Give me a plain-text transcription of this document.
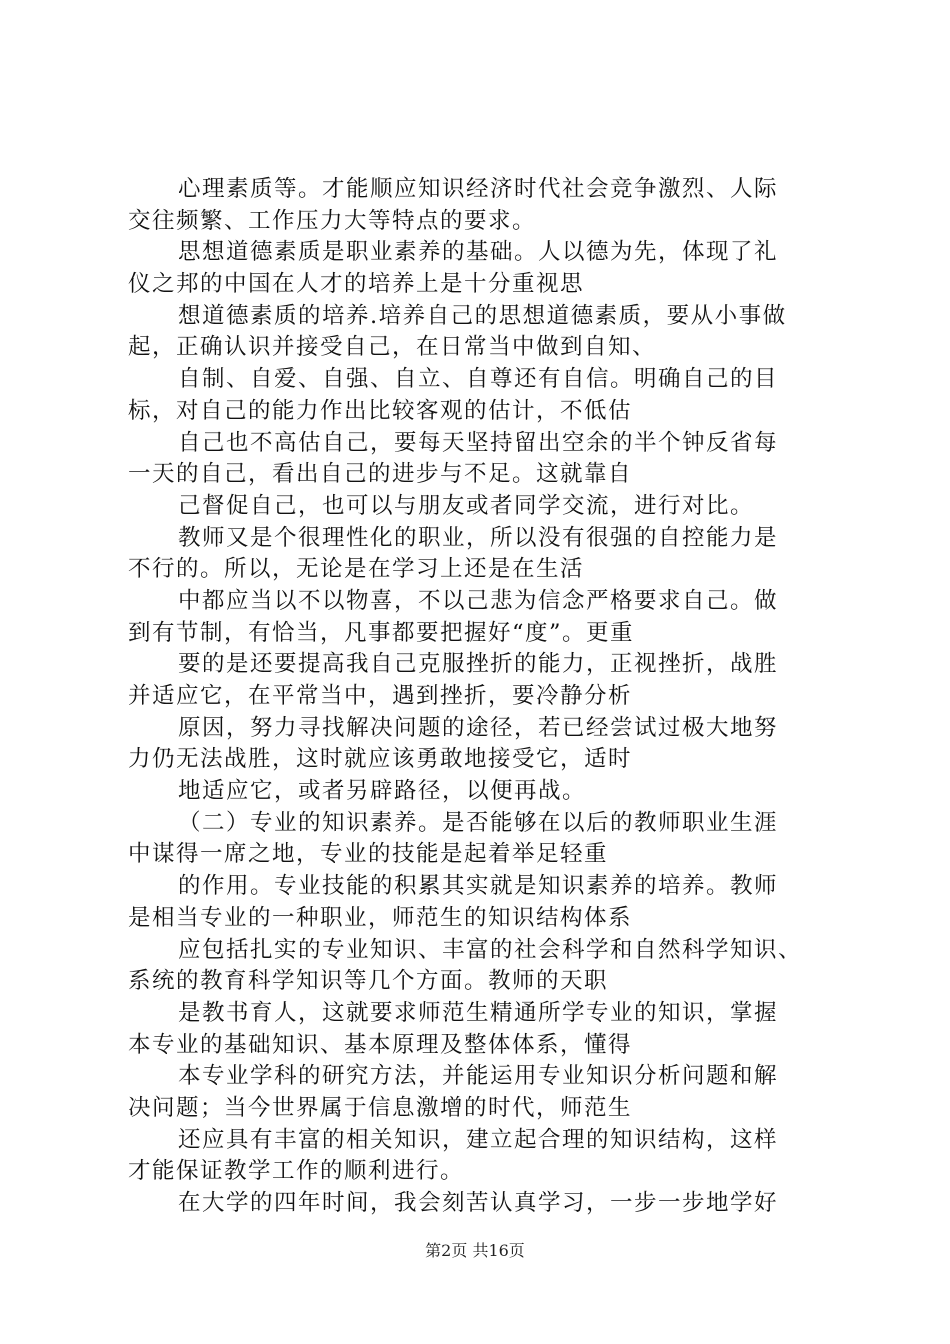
心理素质等。才能顺应知识经济时代社会竞争激烈、人际
交往频繁、工作压力大等特点的要求。
思想道德素质是职业素养的基础。人以德为先，体现了礼
仪之邦的中国在人才的培养上是十分重视思
想道德素质的培养.培养自己的思想道德素质，要从小事做
起，正确认识并接受自己，在日常当中做到自知、
自制、自爱、自强、自立、自尊还有自信。明确自己的目
标，对自己的能力作出比较客观的估计，不低估
自己也不高估自己，要每天坚持留出空余的半个钟反省每
一天的自己，看出自己的进步与不足。这就靠自
己督促自己，也可以与朋友或者同学交流，进行对比。
教师又是个很理性化的职业，所以没有很强的自控能力是
不行的。所以，无论是在学习上还是在生活
中都应当以不以物喜，不以己悲为信念严格要求自己。做
到有节制，有恰当，凡事都要把握好“度”。更重
要的是还要提高我自己克服挫折的能力，正视挫折，战胜
并适应它，在平常当中，遇到挫折，要冷静分析
原因，努力寻找解决问题的途径，若已经尝试过极大地努
力仍无法战胜，这时就应该勇敢地接受它，适时
地适应它，或者另辟路径，以便再战。
（二）专业的知识素养。是否能够在以后的教师职业生涯
中谋得一席之地，专业的技能是起着举足轻重
的作用。专业技能的积累其实就是知识素养的培养。教师
是相当专业的一种职业，师范生的知识结构体系
应包括扎实的专业知识、丰富的社会科学和自然科学知识、
系统的教育科学知识等几个方面。教师的天职
是教书育人，这就要求师范生精通所学专业的知识，掌握
本专业的基础知识、基本原理及整体体系，懂得
本专业学科的研究方法，并能运用专业知识分析问题和解
决问题；当今世界属于信息激增的时代，师范生
还应具有丰富的相关知识，建立起合理的知识结构，这样
才能保证教学工作的顺利进行。
在大学的四年时间，我会刻苦认真学习，一步一步地学好
第2页 共16页
